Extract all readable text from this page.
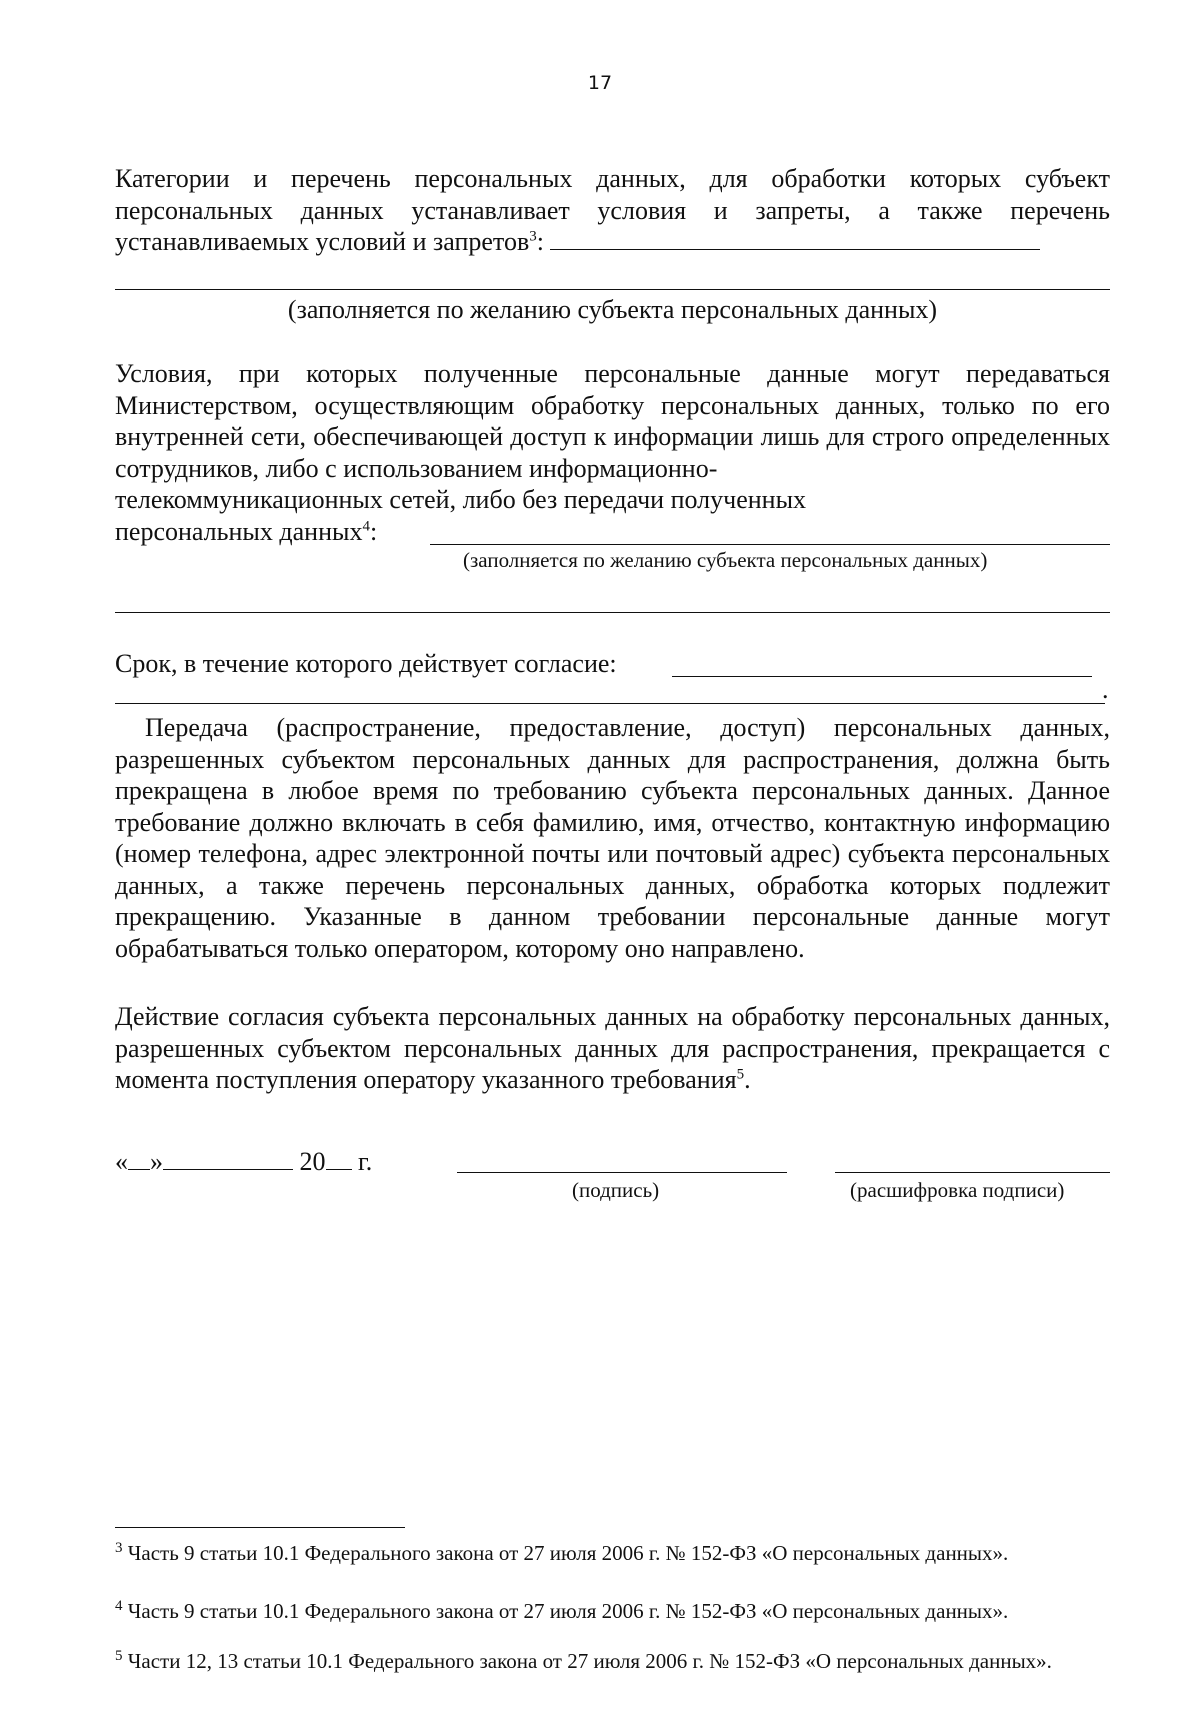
17
Категории и перечень персональных данных, для обработки которых субъект персональных данных устанавливает условия и запреты, а также перечень устанавливаемых условий и запретов$^3$:
(заполняется по желанию субъекта персональных данных)
Условия, при которых полученные персональные данные могут передаваться Министерством, осуществляющим обработку персональных данных, только по его внутренней сети, обеспечивающей доступ к информации лишь для строго определенных сотрудников, либо с использованием информационно-
телекоммуникационных сетей, либо без передачи полученных
персональных данных$^4$:
(заполняется по желанию субъекта персональных данных)
Срок, в течение которого действует согласие:
.
Передача (распространение, предоставление, доступ) персональных данных, разрешенных субъектом персональных данных для распространения, должна быть прекращена в любое время по требованию субъекта персональных данных. Данное требование должно включать в себя фамилию, имя, отчество, контактную информацию (номер телефона, адрес электронной почты или почтовый адрес) субъекта персональных данных, а также перечень персональных данных, обработка которых подлежит прекращению. Указанные в данном требовании персональные данные могут обрабатываться только оператором, которому оно направлено.
Действие согласия субъекта персональных данных на обработку персональных данных, разрешенных субъектом персональных данных для распространения, прекращается с момента поступления оператору указанного требования$^5$.
« »	20 г.
(подпись)	(расшифровка подписи)
$^3$ Часть 9 статьи 10.1 Федерального закона от 27 июля 2006 г. № 152-ФЗ «О персональных данных».
$^4$ Часть 9 статьи 10.1 Федерального закона от 27 июля 2006 г. № 152-ФЗ «О персональных данных».
$^5$ Части 12, 13 статьи 10.1 Федерального закона от 27 июля 2006 г. № 152-ФЗ «О персональных данных».
